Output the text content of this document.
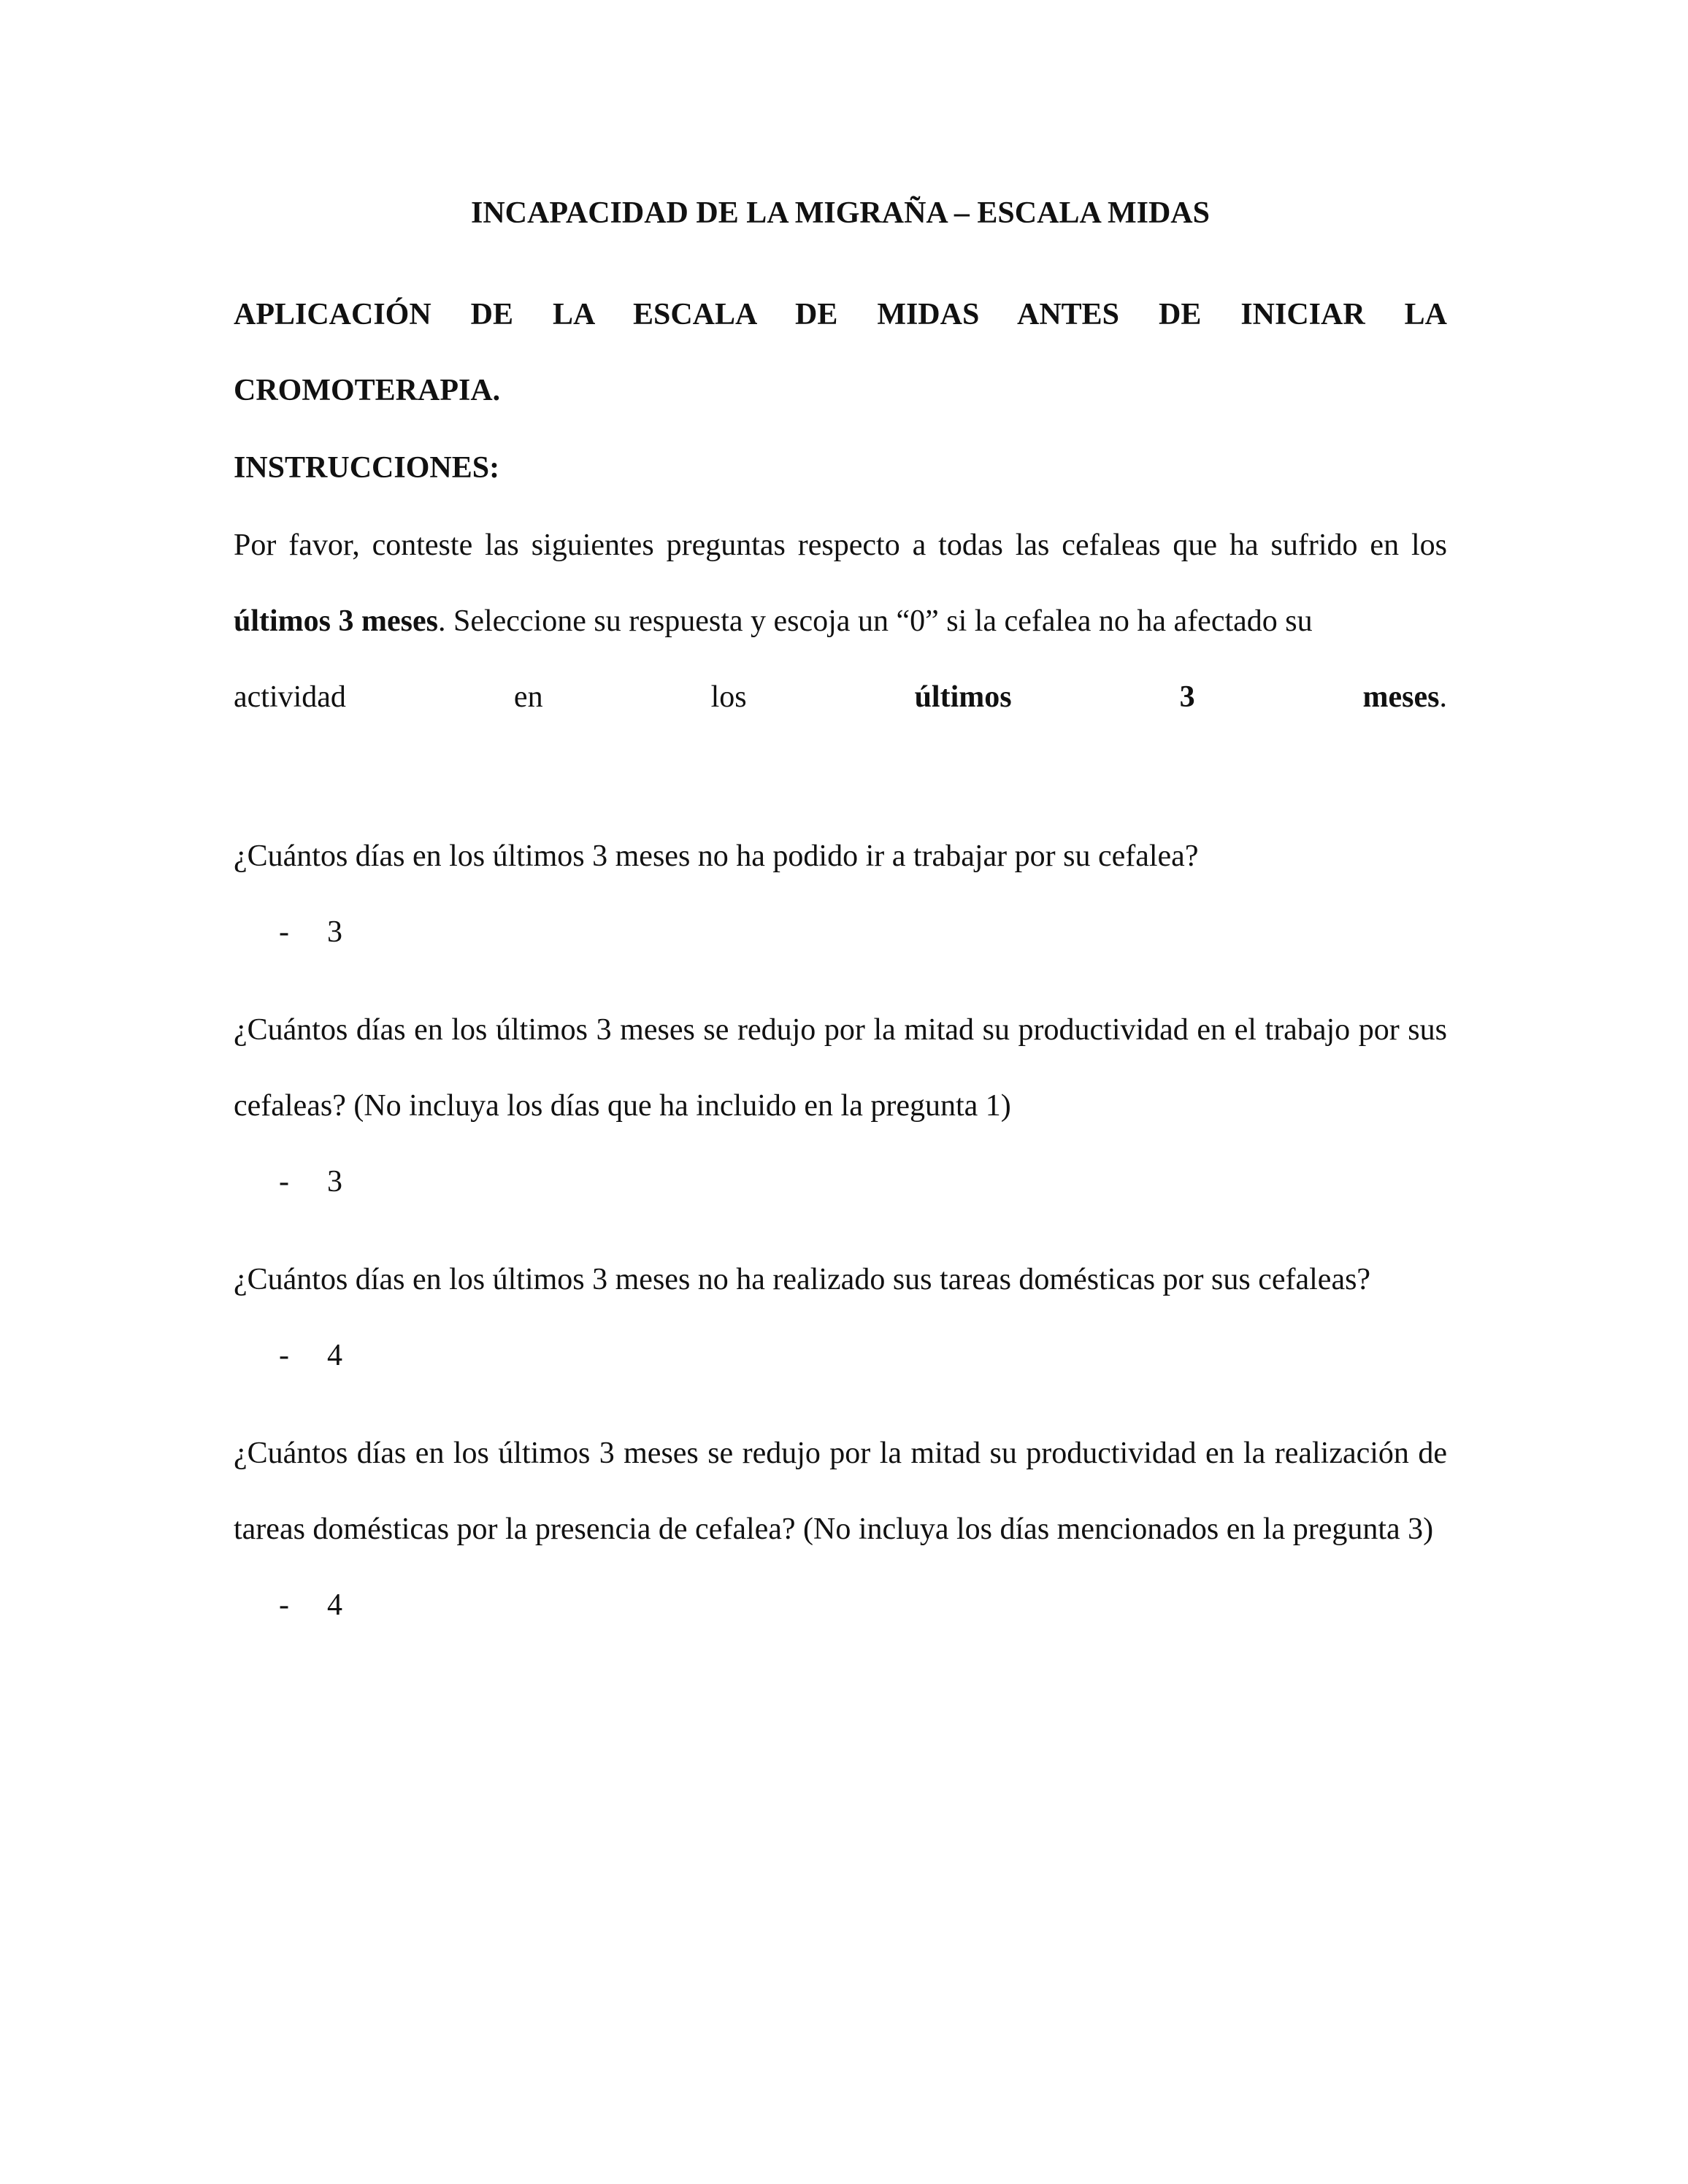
INCAPACIDAD DE LA MIGRAÑA – ESCALA MIDAS

APLICACIÓN DE LA ESCALA DE MIDAS ANTES DE INICIAR LA

CROMOTERAPIA.

INSTRUCCIONES:

Por favor, conteste las siguientes preguntas respecto a todas las cefaleas que ha sufrido en los últimos 3 meses. Seleccione su respuesta y escoja un “0” si la cefalea no ha afectado su

actividad	en	los	últimos	3	meses.

¿Cuántos días en los últimos 3 meses no ha podido ir a trabajar por su cefalea?

- 3

¿Cuántos días en los últimos 3 meses se redujo por la mitad su productividad en el trabajo por sus cefaleas? (No incluya los días que ha incluido en la pregunta 1)

- 3

¿Cuántos días en los últimos 3 meses no ha realizado sus tareas domésticas por sus cefaleas?

- 4

¿Cuántos días en los últimos 3 meses se redujo por la mitad su productividad en la realización de tareas domésticas por la presencia de cefalea? (No incluya los días mencionados en la pregunta 3)

- 4
